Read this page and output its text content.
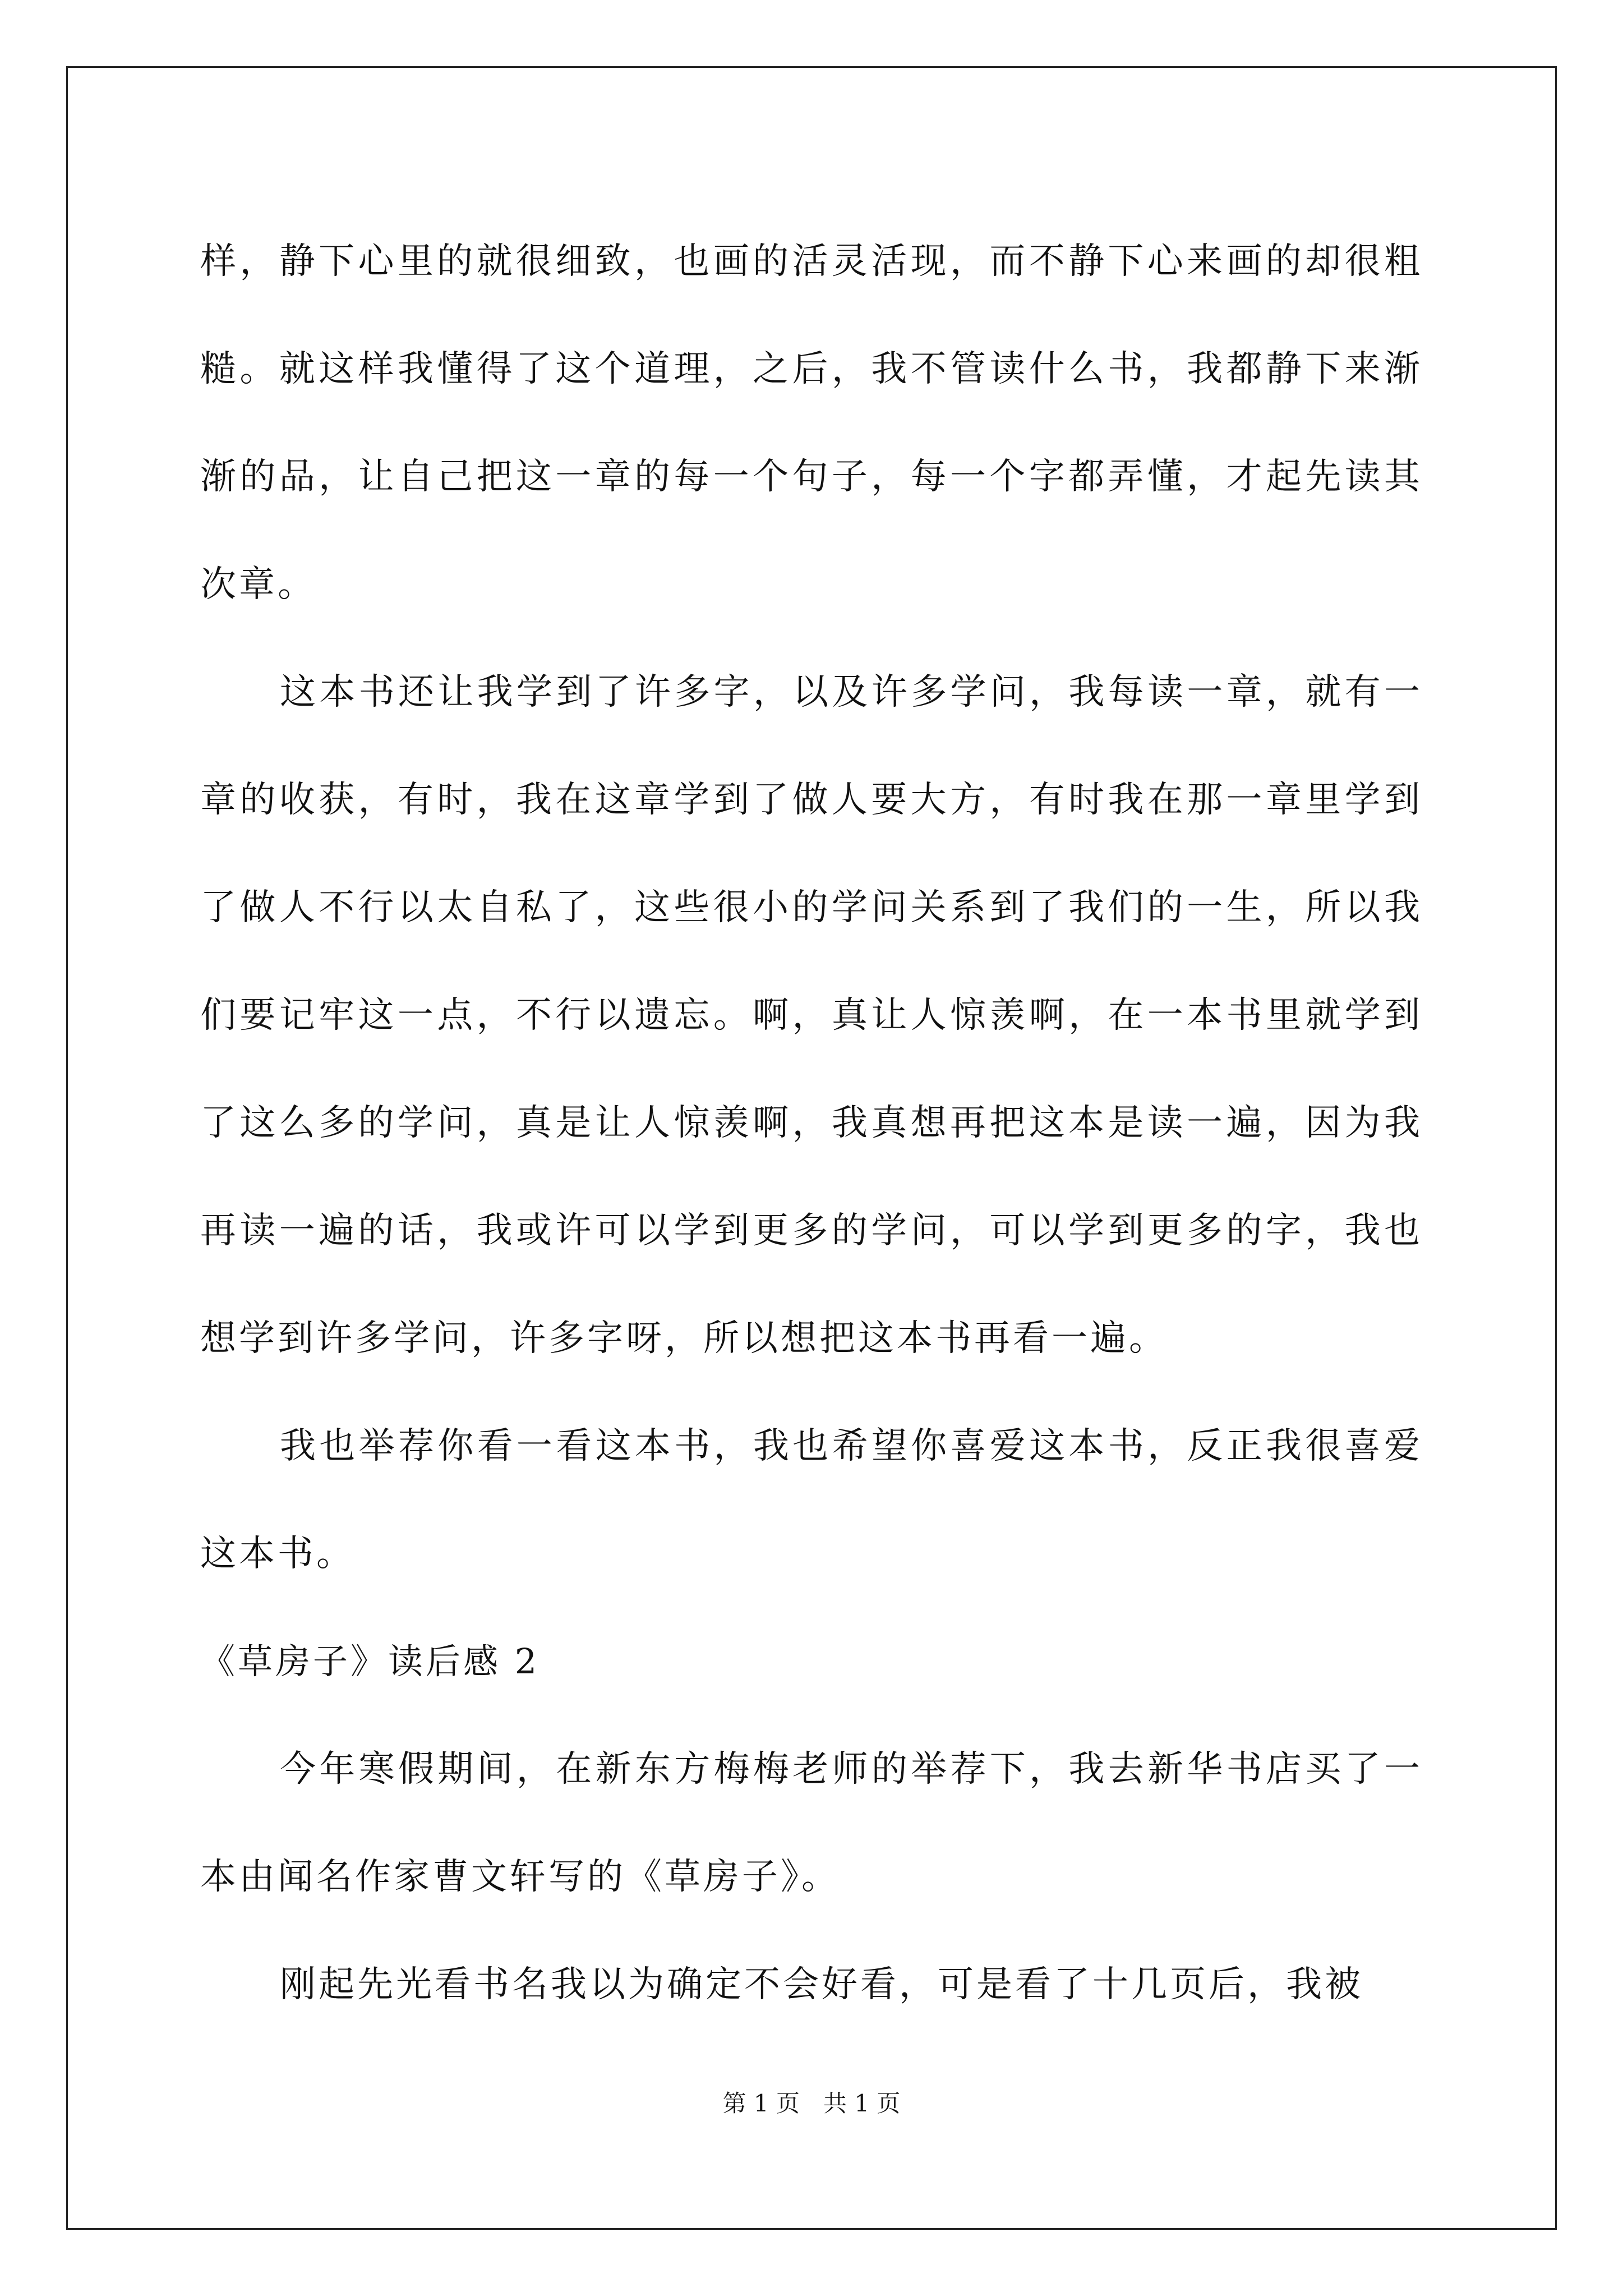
样，静下心里的就很细致，也画的活灵活现，而不静下心来画的却很粗糙。就这样我懂得了这个道理，之后，我不管读什么书，我都静下来渐渐的品，让自己把这一章的每一个句子，每一个字都弄懂，才起先读其次章。

这本书还让我学到了许多字，以及许多学问，我每读一章，就有一章的收获，有时，我在这章学到了做人要大方，有时我在那一章里学到了做人不行以太自私了，这些很小的学问关系到了我们的一生，所以我们要记牢这一点，不行以遗忘。啊，真让人惊羡啊，在一本书里就学到了这么多的学问，真是让人惊羡啊，我真想再把这本是读一遍，因为我再读一遍的话，我或许可以学到更多的学问，可以学到更多的字，我也想学到许多学问，许多字呀，所以想把这本书再看一遍。

我也举荐你看一看这本书，我也希望你喜爱这本书，反正我很喜爱这本书。

《草房子》读后感 2

今年寒假期间，在新东方梅梅老师的举荐下，我去新华书店买了一本由闻名作家曹文轩写的《草房子》。

刚起先光看书名我以为确定不会好看，可是看了十几页后，我被

第 1 页　共 1 页
